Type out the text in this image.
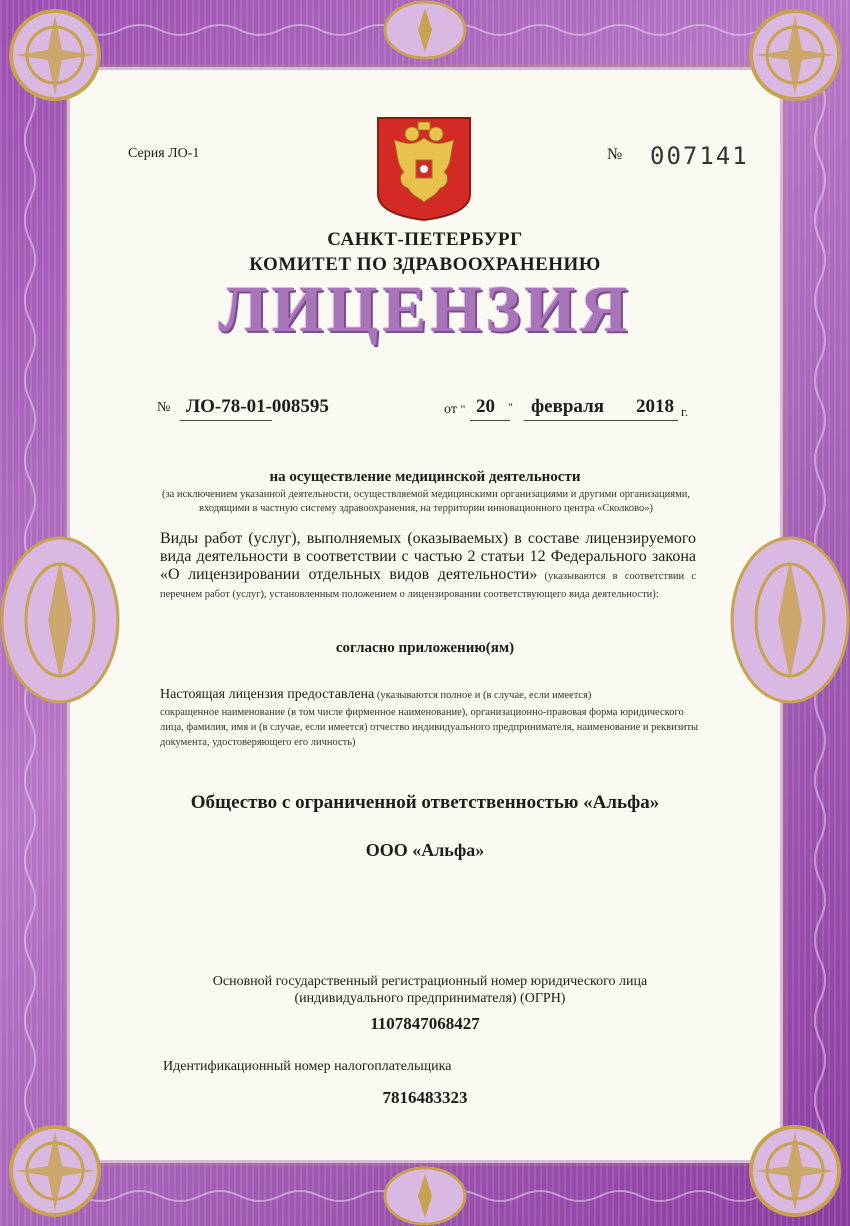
Серия ЛО-1	№ 007141
САНКТ-ПЕТЕРБУРГ
КОМИТЕТ ПО ЗДРАВООХРАНЕНИЮ
ЛИЦЕНЗИЯ
№ ЛО-78-01-008595	от " 20 " февраля 2018 г.
на осуществление медицинской деятельности
(за исключением указанной деятельности, осуществляемой медицинскими организациями и другими организациями, входящими в частную систему здравоохранения, на территории инновационного центра «Сколково»)
Виды работ (услуг), выполняемых (оказываемых) в составе лицензируемого вида деятельности в соответствии с частью 2 статьи 12 Федерального закона «О лицензировании отдельных видов деятельности» (указываются в соответствии с перечнем работ (услуг), установленным положением о лицензировании соответствующего вида деятельности):
согласно приложению(ям)
Настоящая лицензия предоставлена (указываются полное и (в случае, если имеется)
сокращенное наименование (в том числе фирменное наименование), организационно-правовая форма юридического лица, фамилия, имя и (в случае, если имеется) отчество индивидуального предпринимателя, наименование и реквизиты документа, удостоверяющего его личность)
Общество с ограниченной ответственностью «Альфа»
ООО «Альфа»
Основной государственный регистрационный номер юридического лица (индивидуального предпринимателя) (ОГРН)
1107847068427
Идентификационный номер налогоплательщика
7816483323
